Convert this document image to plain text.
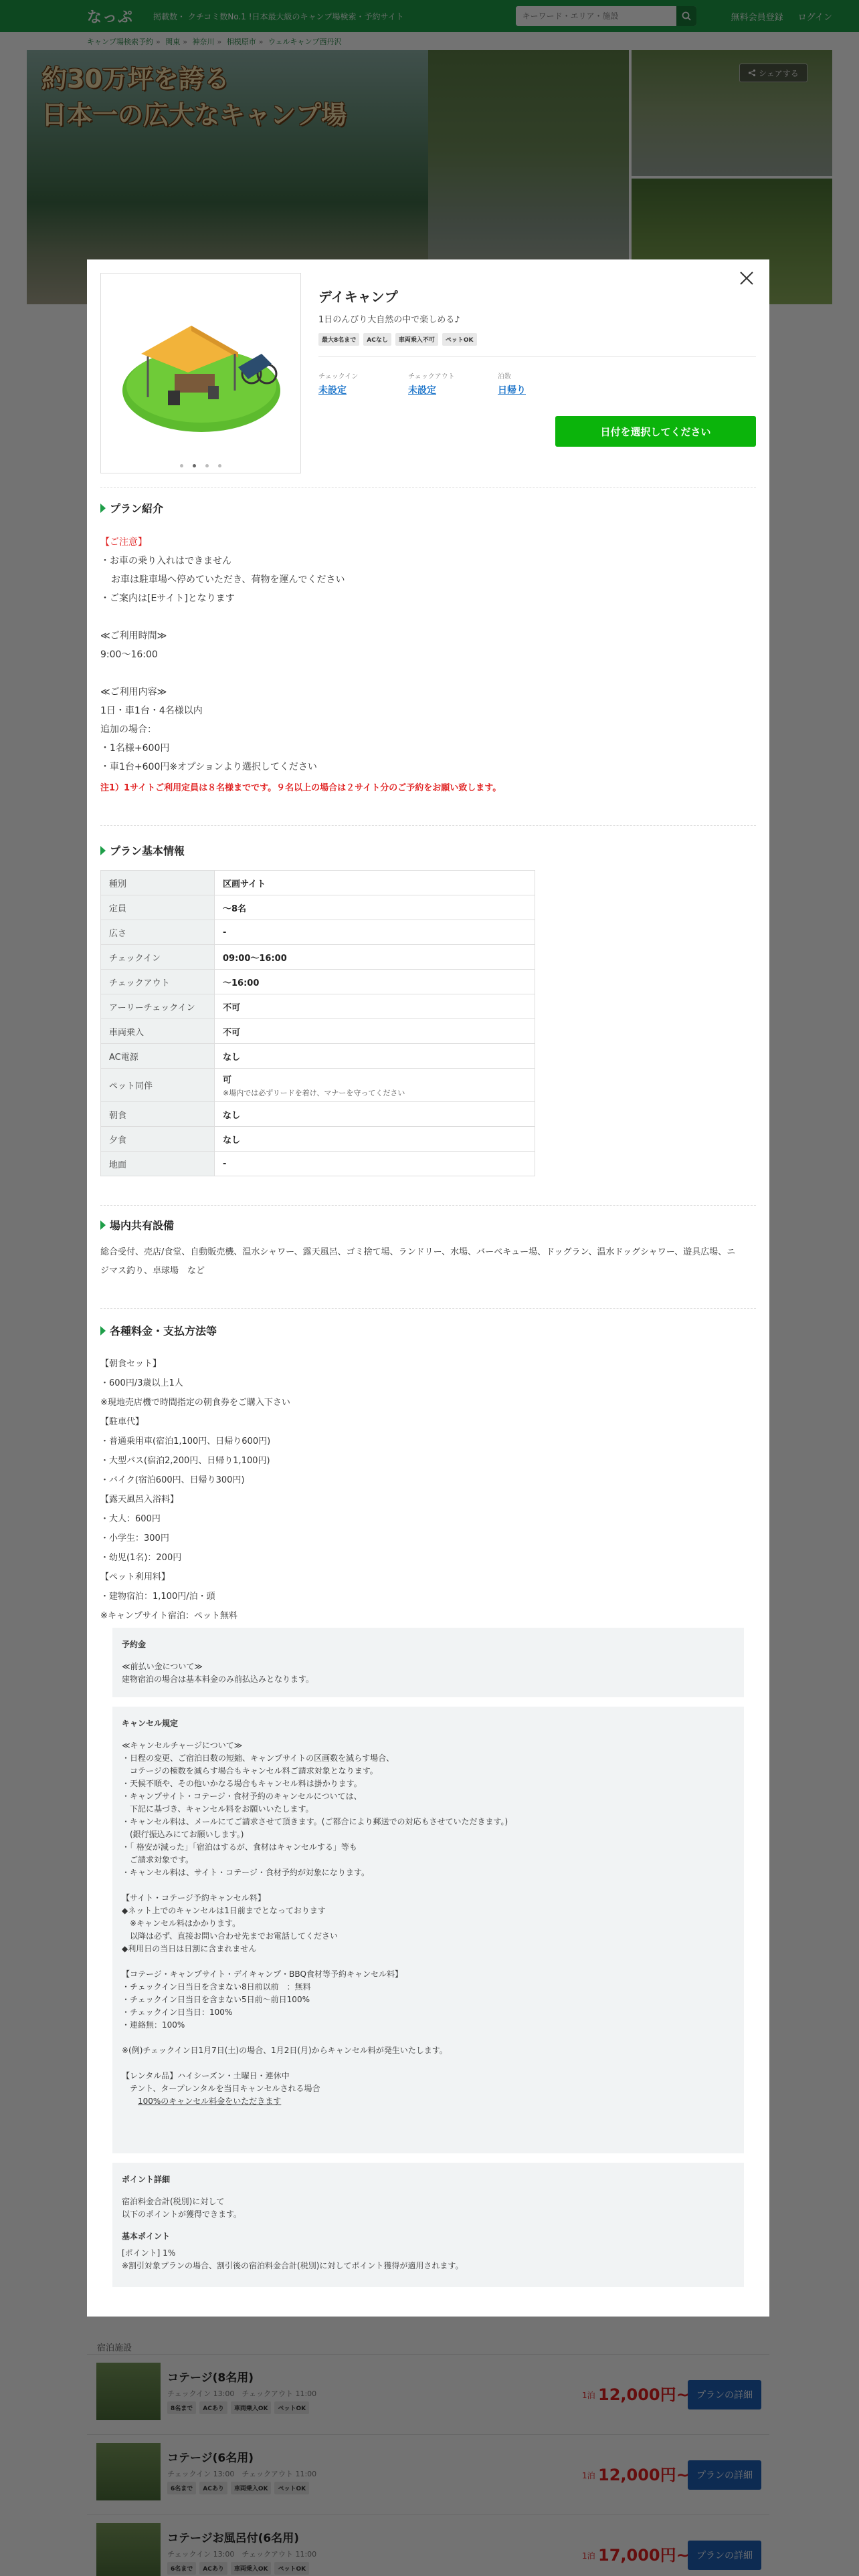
キーワード・エリア・施設
デイキャンプ
1日のんびり大自然の中で楽しめる♪
最大8名まで	ACなし	車両乗入不可	ペットOK
チェックイン
未設定
チェックアウト
未設定
泊数
日帰り
日付を選択してください
プラン紹介
【ご注意】
・お車の乗り入れはできません
お車は駐車場へ停めていただき、荷物を運んでください
・ご案内は[Eサイト]となります
≪ご利用時間≫
9:00〜16:00
≪ご利用内容≫
1日・車1台・4名様以内
追加の場合：
・1名様+600円
・車1台+600円※オプションより選択してください
注1）1サイトご利用定員は８名様までです。９名以上の場合は２サイト分のご予約をお願い致します。
プラン基本情報
種別	区画サイト
定員	〜8名
広さ	-
チェックイン	09:00〜16:00
チェックアウト	〜16:00
アーリーチェックイン	不可
車両乗入	不可
AC電源	なし
ペット同伴	可
※場内では必ずリードを着け、マナーを守ってください

朝食	なし
夕食	なし
地面	-
場内共有設備
総合受付、売店/食堂、自動販売機、温水シャワー、露天風呂、ゴミ捨て場、ランドリー、水場、バーベキュー場、ドッグラン、温水ドッグシャワー、遊具広場、ニ
ジマス釣り、卓球場　など
各種料金・支払方法等
【朝食セット】
・600円/3歳以上1人
※現地売店機で時間指定の朝食券をご購入下さい
【駐車代】
・普通乗用車(宿泊1,100円、日帰り600円)
・大型バス(宿泊2,200円、日帰り1,100円)
・バイク(宿泊600円、日帰り300円)
【露天風呂入浴料】
・大人：600円
・小学生：300円
・幼児(1名)：200円
【ペット利用料】
・建物宿泊：1,100円/泊・頭
※キャンプサイト宿泊：ペット無料
予約金
≪前払い金について≫
建物宿泊の場合は基本料金のみ前払込みとなります。
キャンセル規定
≪キャンセルチャージについて≫
・日程の変更、ご宿泊日数の短縮、キャンプサイトの区画数を減らす場合、
　コテージの棟数を減らす場合もキャンセル料ご請求対象となります。
・天候不順や、その他いかなる場合もキャンセル料は掛かります。
・キャンプサイト・コテージ・食材予約のキャンセルについては、
　下記に基づき、キャンセル料をお願いいたします。
・キャンセル料は、メールにてご請求させて頂きます。(ご都合により郵送での対応もさせていただきます。)
　(銀行振込みにてお願いします。)
・「 格安が減った」「宿泊はするが、食材はキャンセルする」等も
　ご請求対象です。
・キャンセル料は、サイト・コテージ・食材予約が対象になります。
【サイト・コテージ予約キャンセル料】
◆ネット上でのキャンセルは1日前までとなっております
　※キャンセル料はかかります。
　以降は必ず、直接お問い合わせ先までお電話してください
◆利用日の当日は日割に含まれません
【コテージ・キャンプサイト・デイキャンプ・BBQ食材等予約キャンセル料】
・チェックイン日当日を含まない8日前以前　：無料
・チェックイン日当日を含まない5日前〜前日100%
・チェックイン日当日：100%
・連絡無：100%
※(例)チェックイン日1月7日(土)の場合、1月2日(月)からキャンセル料が発生いたします。
【レンタル品】ハイシーズン・土曜日・連休中
　テント、タープレンタルを当日キャンセルされる場合
100%のキャンセル料金をいただきます
ポイント詳細
宿泊料金合計(税別)に対して
以下のポイントが獲得できます。
基本ポイント
[ポイント] 1%
※割引対象プランの場合、割引後の宿泊料金合計(税別)に対してポイント獲得が適用されます。
